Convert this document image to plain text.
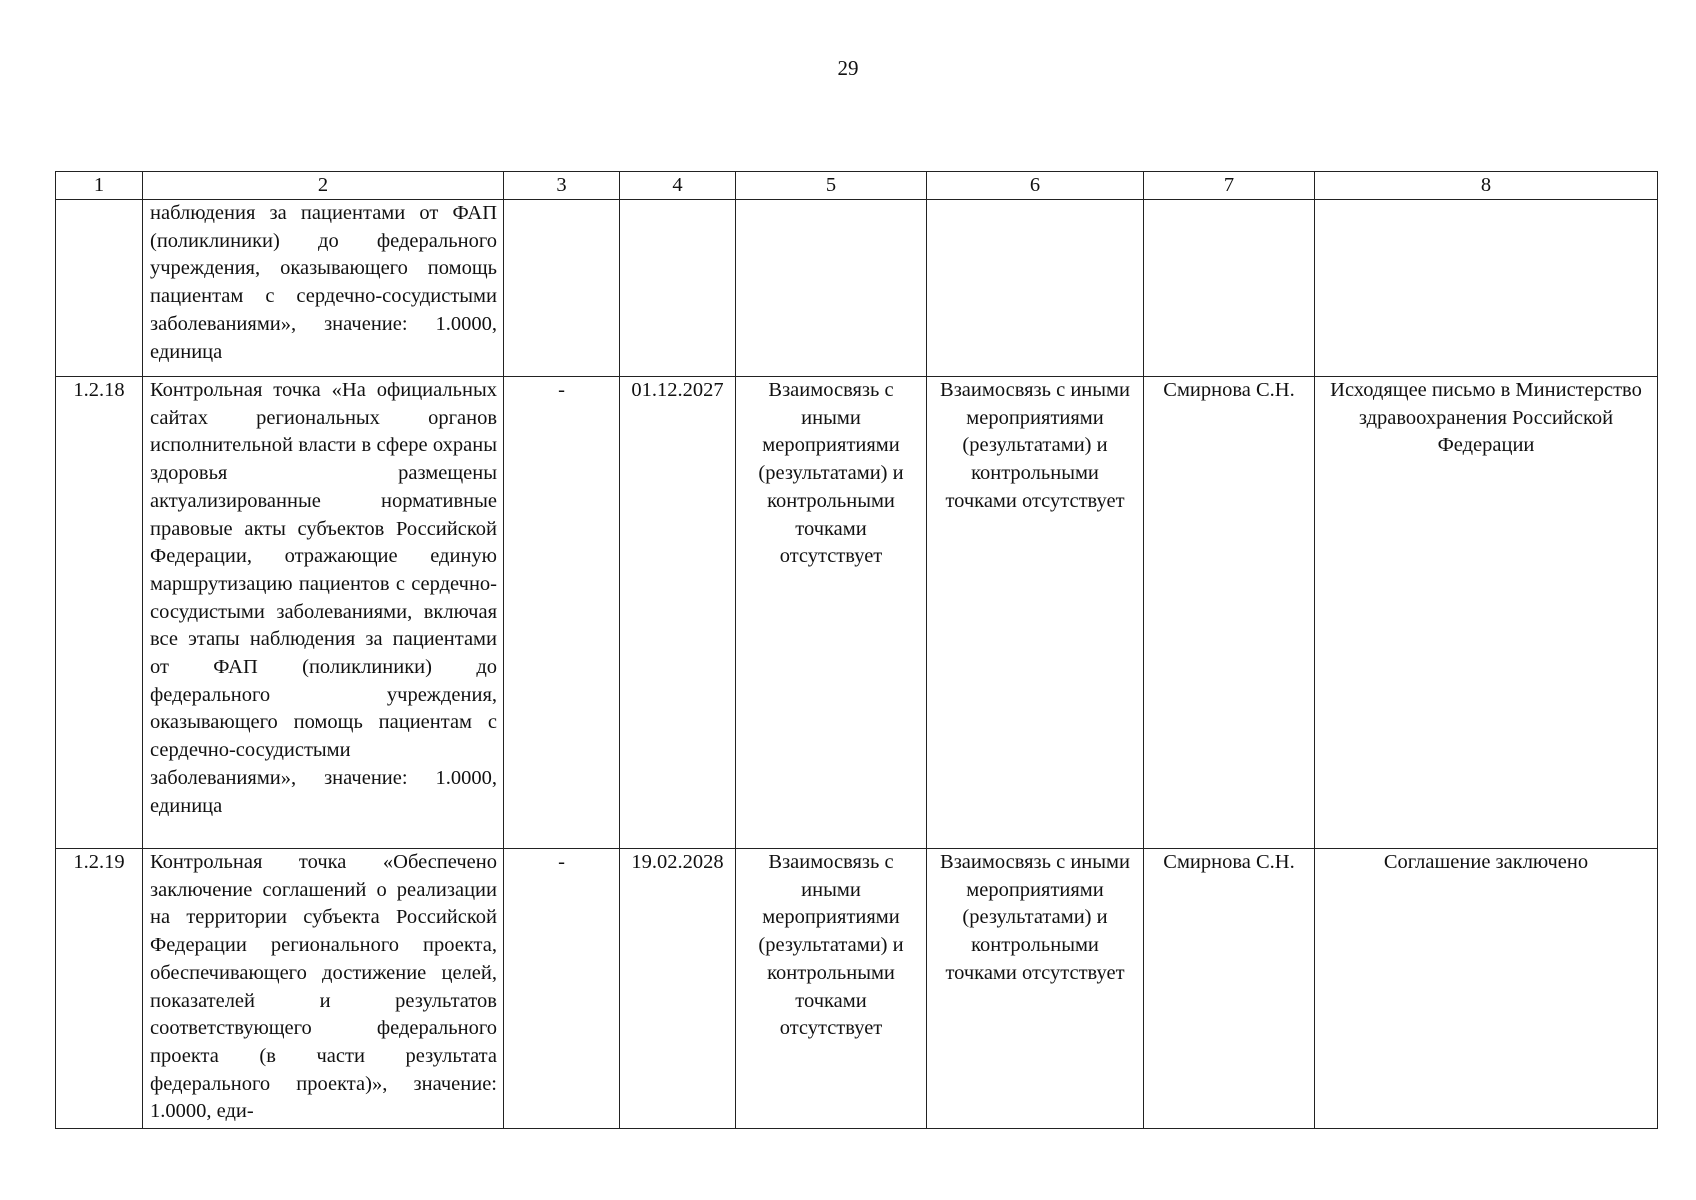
29
1	2	3	4	5	6	7	8
	наблюдения за пациентами от ФАП (поликлиники) до федерального учреждения, оказывающего помощь пациентам с сердечно-сосудистыми заболеваниями», значение: 1.0000, единица						
1.2.18	Контрольная точка «На официальных сайтах региональных органов исполнительной власти в сфере охраны здоровья размещены актуализированные нормативные правовые акты субъектов Российской Федерации, отражающие единую маршрутизацию пациентов с сердечно-сосудистыми заболеваниями, включая все этапы наблюдения за пациентами от ФАП (поликлиники) до федерального учреждения, оказывающего помощь пациентам с сердечно-сосудистыми заболеваниями», значение: 1.0000, единица	-	01.12.2027	Взаимосвязь с иными мероприятиями (результатами) и контрольными точками отсутствует	Взаимосвязь с иными мероприятиями (результатами) и контрольными точками отсутствует	Смирнова С.Н.	Исходящее письмо в Министерство здравоохранения Российской Федерации
1.2.19	Контрольная точка «Обеспечено заключение соглашений о реализации на территории субъекта Российской Федерации регионального проекта, обеспечивающего достижение целей, показателей и результатов соответствующего федерального проекта (в части результата федерального проекта)», значение: 1.0000, еди-	-	19.02.2028	Взаимосвязь с иными мероприятиями (результатами) и контрольными точками отсутствует	Взаимосвязь с иными мероприятиями (результатами) и контрольными точками отсутствует	Смирнова С.Н.	Соглашение заключено
